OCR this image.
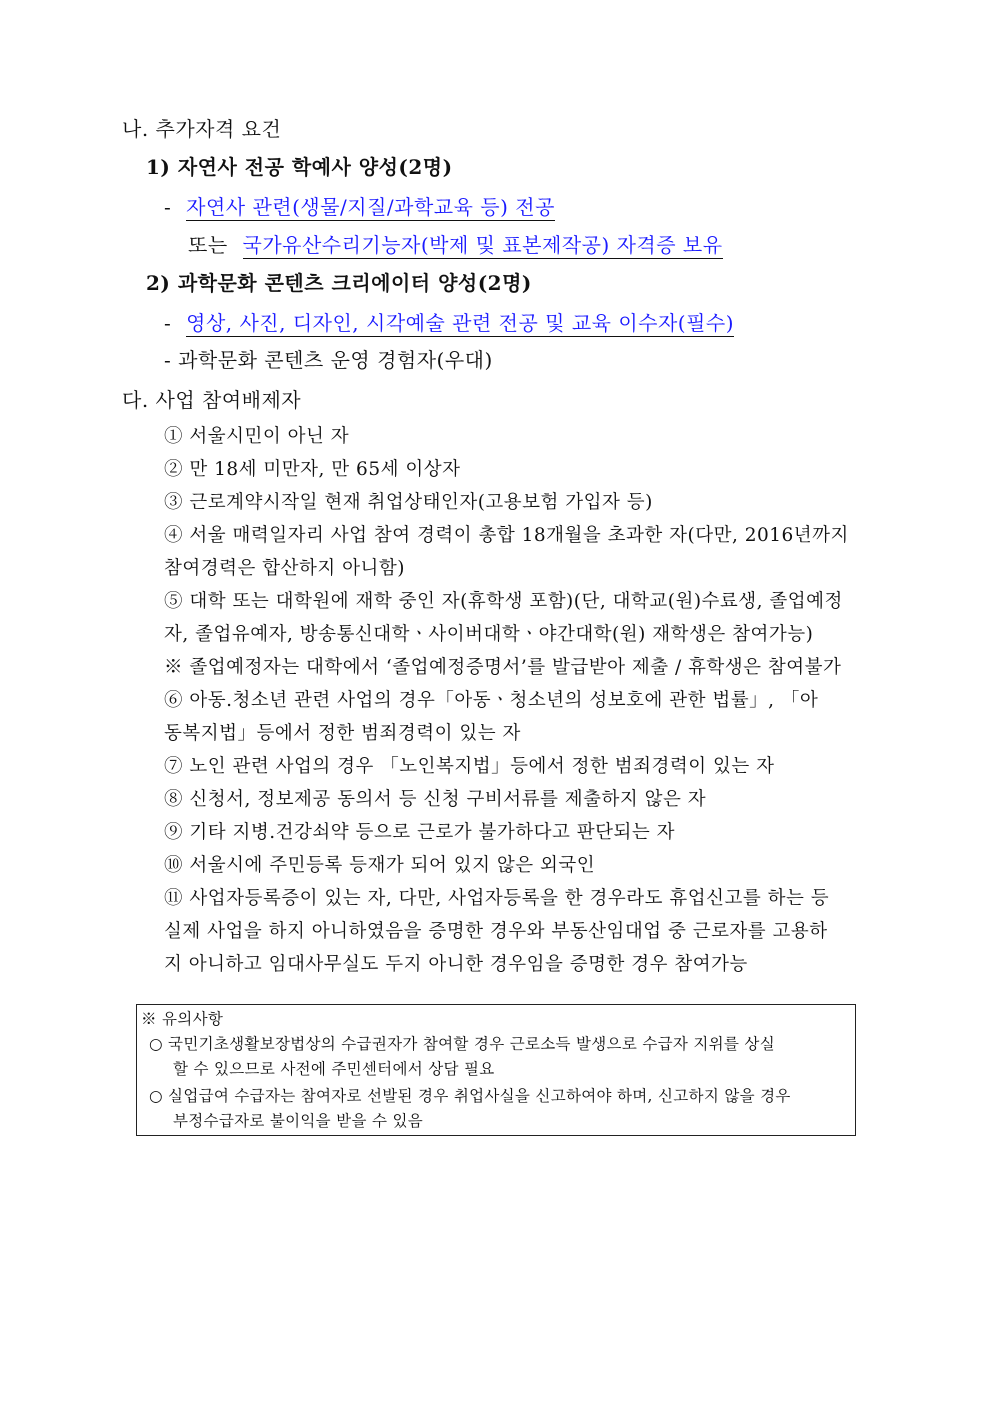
나. 추가자격 요건
1) 자연사 전공 학예사 양성(2명)
- 자연사 관련(생물/지질/과학교육 등) 전공
또는 국가유산수리기능자(박제 및 표본제작공) 자격증 보유
2) 과학문화 콘텐츠 크리에이터 양성(2명)
- 영상, 사진, 디자인, 시각예술 관련 전공 및 교육 이수자(필수)
- 과학문화 콘텐츠 운영 경험자(우대)
다. 사업 참여배제자
① 서울시민이 아닌 자
② 만 18세 미만자, 만 65세 이상자
③ 근로계약시작일 현재 취업상태인자(고용보험 가입자 등)
④ 서울 매력일자리 사업 참여 경력이 총합 18개월을 초과한 자(다만, 2016년까지
참여경력은 합산하지 아니함)
⑤ 대학 또는 대학원에 재학 중인 자(휴학생 포함)(단, 대학교(원)수료생, 졸업예정
자, 졸업유예자, 방송통신대학ㆍ사이버대학ㆍ야간대학(원) 재학생은 참여가능)
※ 졸업예정자는 대학에서 ‘졸업예정증명서’를 발급받아 제출 / 휴학생은 참여불가
⑥ 아동.청소년 관련 사업의 경우「아동ㆍ청소년의 성보호에 관한 법률」, 「아
동복지법」등에서 정한 범죄경력이 있는 자
⑦ 노인 관련 사업의 경우 「노인복지법」등에서 정한 범죄경력이 있는 자
⑧ 신청서, 정보제공 동의서 등 신청 구비서류를 제출하지 않은 자
⑨ 기타 지병.건강쇠약 등으로 근로가 불가하다고 판단되는 자
⑩ 서울시에 주민등록 등재가 되어 있지 않은 외국인
⑪ 사업자등록증이 있는 자, 다만, 사업자등록을 한 경우라도 휴업신고를 하는 등
실제 사업을 하지 아니하였음을 증명한 경우와 부동산임대업 중 근로자를 고용하
지 아니하고 임대사무실도 두지 아니한 경우임을 증명한 경우 참여가능
※ 유의사항
○ 국민기초생활보장법상의 수급권자가 참여할 경우 근로소득 발생으로 수급자 지위를 상실
할 수 있으므로 사전에 주민센터에서 상담 필요
○ 실업급여 수급자는 참여자로 선발된 경우 취업사실을 신고하여야 하며, 신고하지 않을 경우
부정수급자로 불이익을 받을 수 있음
